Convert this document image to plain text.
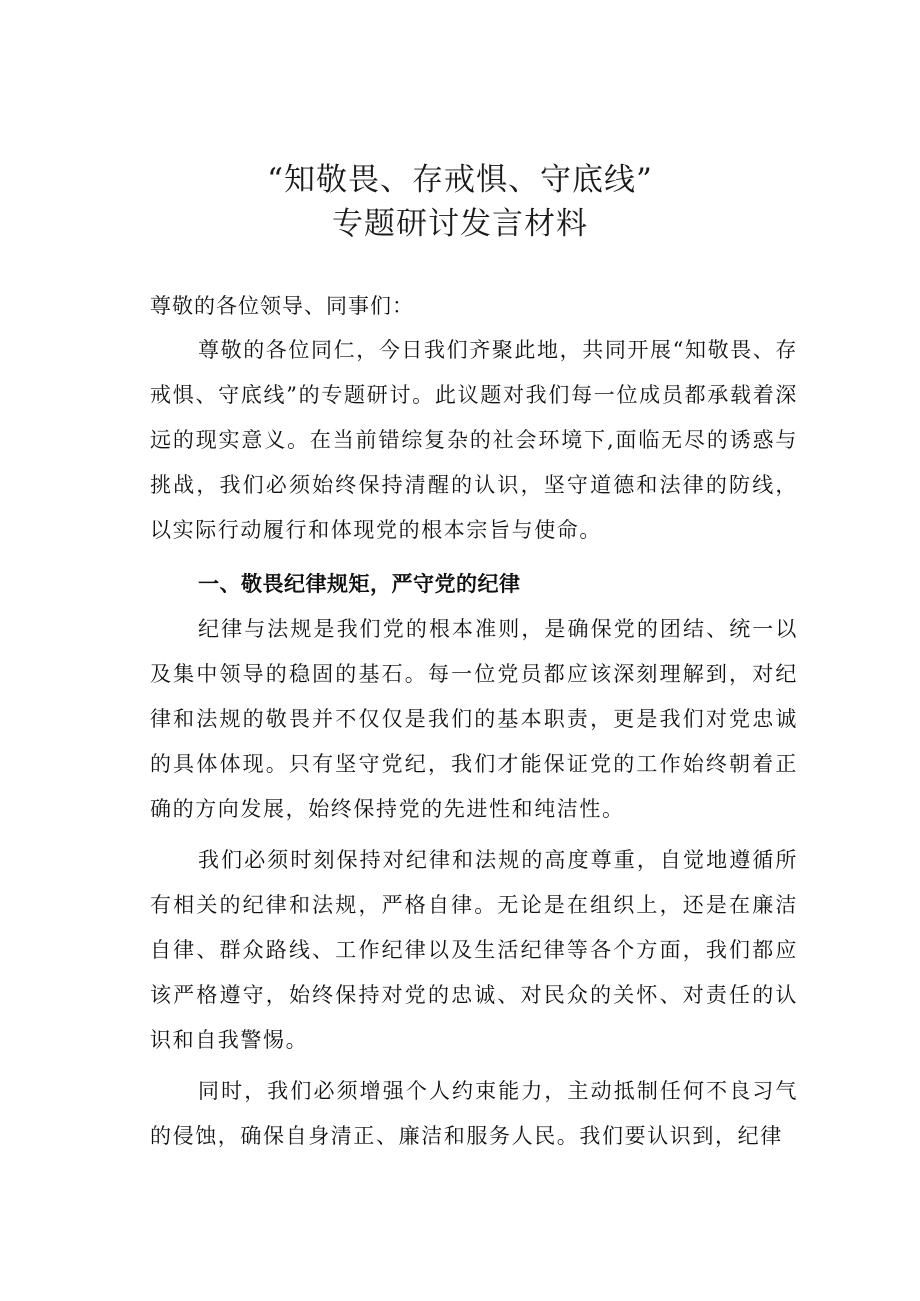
“知敬畏、存戒惧、守底线”
专题研讨发言材料

尊敬的各位领导、同事们：

尊敬的各位同仁，今日我们齐聚此地，共同开展“知敬畏、存戒惧、守底线”的专题研讨。此议题对我们每一位成员都承载着深远的现实意义。在当前错综复杂的社会环境下,面临无尽的诱惑与挑战，我们必须始终保持清醒的认识，坚守道德和法律的防线，以实际行动履行和体现党的根本宗旨与使命。

一、敬畏纪律规矩，严守党的纪律

纪律与法规是我们党的根本准则，是确保党的团结、统一以及集中领导的稳固的基石。每一位党员都应该深刻理解到，对纪律和法规的敬畏并不仅仅是我们的基本职责，更是我们对党忠诚的具体体现。只有坚守党纪，我们才能保证党的工作始终朝着正确的方向发展，始终保持党的先进性和纯洁性。

我们必须时刻保持对纪律和法规的高度尊重，自觉地遵循所有相关的纪律和法规，严格自律。无论是在组织上，还是在廉洁自律、群众路线、工作纪律以及生活纪律等各个方面，我们都应该严格遵守，始终保持对党的忠诚、对民众的关怀、对责任的认识和自我警惕。

同时，我们必须增强个人约束能力，主动抵制任何不良习气的侵蚀，确保自身清正、廉洁和服务人民。我们要认识到，纪律
